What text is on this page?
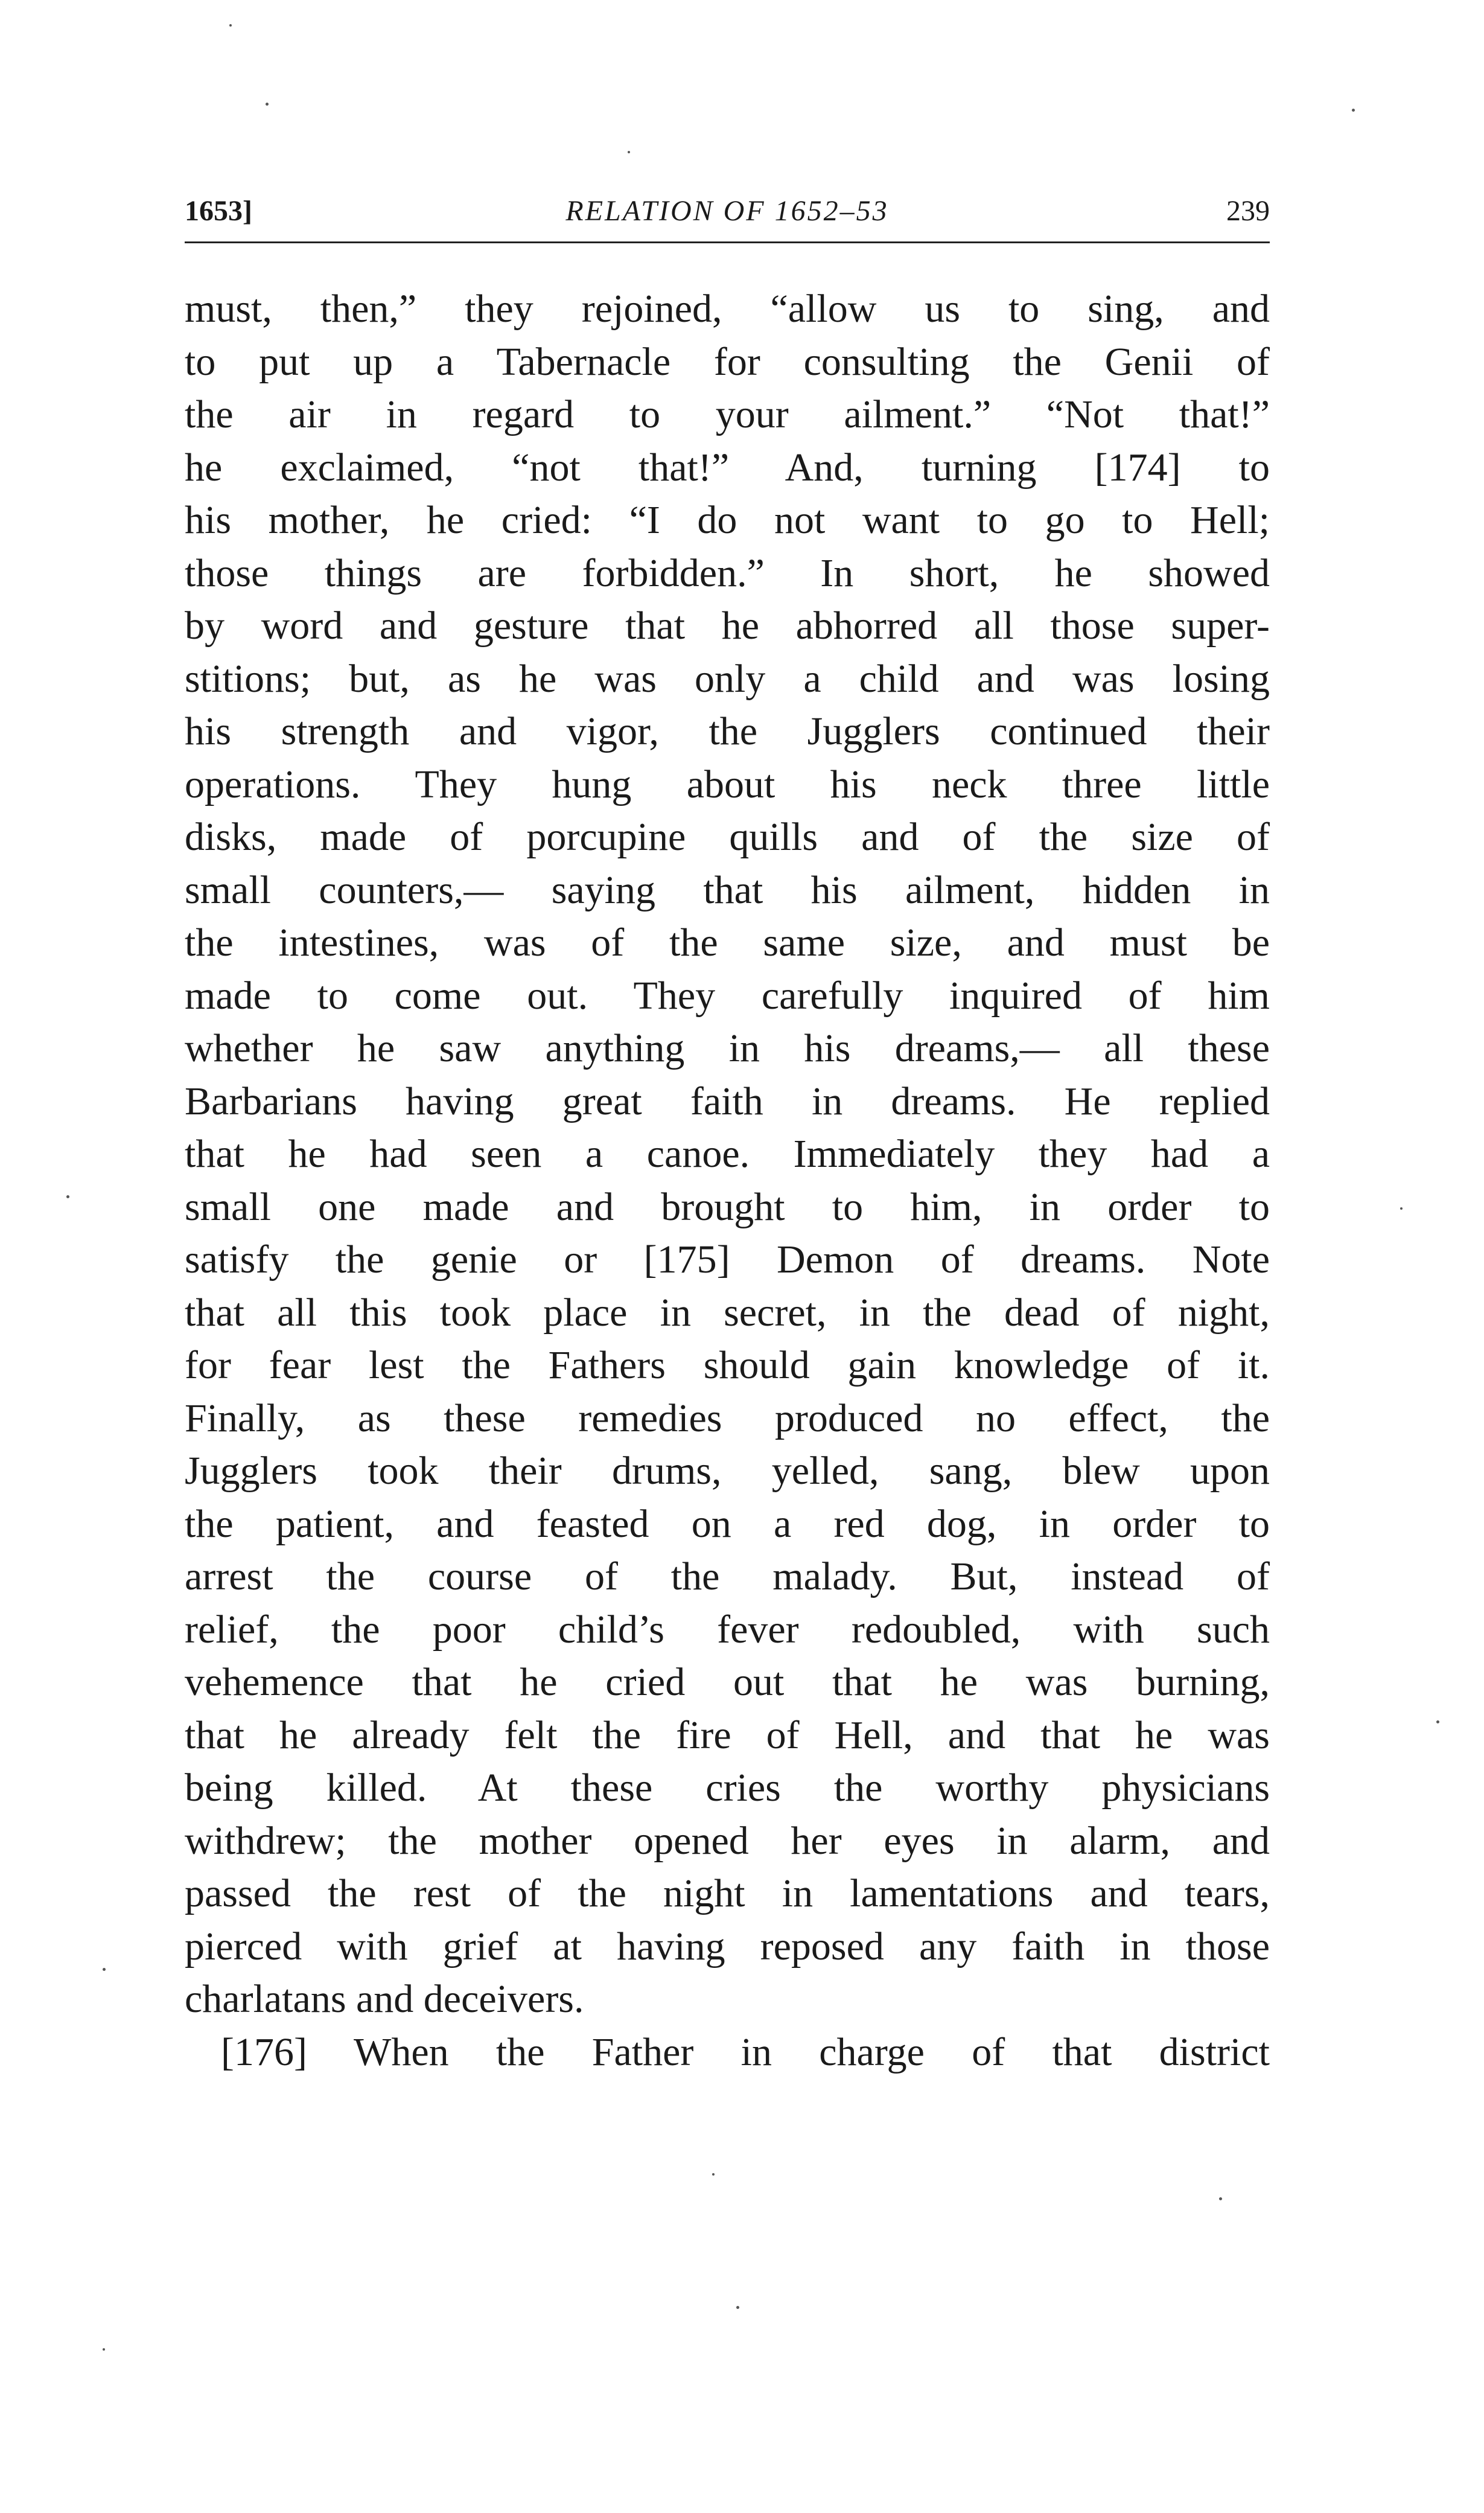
1653]	RELATION OF 1652–53	239
must, then,” they rejoined, “allow us to sing, and
to put up a Tabernacle for consulting the Genii of
the air in regard to your ailment.” “Not that!”
he exclaimed, “not that!” And, turning [174] to
his mother, he cried: “I do not want to go to Hell;
those things are forbidden.” In short, he showed
by word and gesture that he abhorred all those super-
stitions; but, as he was only a child and was losing
his strength and vigor, the Jugglers continued their
operations. They hung about his neck three little
disks, made of porcupine quills and of the size of
small counters,— saying that his ailment, hidden in
the intestines, was of the same size, and must be
made to come out. They carefully inquired of him
whether he saw anything in his dreams,— all these
Barbarians having great faith in dreams. He replied
that he had seen a canoe. Immediately they had a
small one made and brought to him, in order to
satisfy the genie or [175] Demon of dreams. Note
that all this took place in secret, in the dead of night,
for fear lest the Fathers should gain knowledge of it.
Finally, as these remedies produced no effect, the
Jugglers took their drums, yelled, sang, blew upon
the patient, and feasted on a red dog, in order to
arrest the course of the malady. But, instead of
relief, the poor child’s fever redoubled, with such
vehemence that he cried out that he was burning,
that he already felt the fire of Hell, and that he was
being killed. At these cries the worthy physicians
withdrew; the mother opened her eyes in alarm, and
passed the rest of the night in lamentations and tears,
pierced with grief at having reposed any faith in those
charlatans and deceivers.
[176] When the Father in charge of that district
